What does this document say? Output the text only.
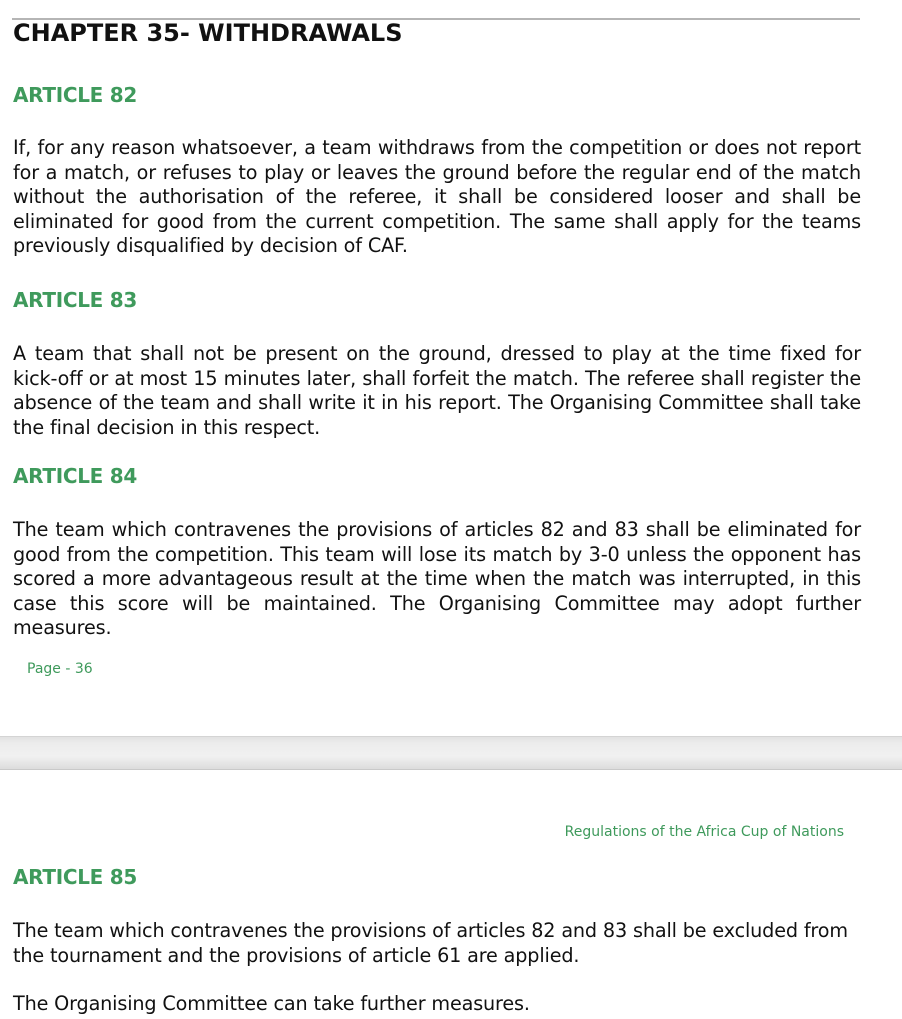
CHAPTER 35- WITHDRAWALS
ARTICLE 82

If, for any reason whatsoever, a team withdraws from the competition or does not report for a match, or refuses to play or leaves the ground before the regular end of the match without the authorisation of the referee, it shall be considered looser and shall be eliminated for good from the current competition. The same shall apply for the teams previously disqualified by decision of CAF.

ARTICLE 83

A team that shall not be present on the ground, dressed to play at the time fixed for kick-off or at most 15 minutes later, shall forfeit the match. The referee shall register the absence of the team and shall write it in his report. The Organising Committee shall take the final decision in this respect.

ARTICLE 84

The team which contravenes the provisions of articles 82 and 83 shall be eliminated for good from the competition. This team will lose its match by 3-0 unless the opponent has scored a more advantageous result at the time when the match was interrupted, in this case this score will be maintained. The Organising Committee may adopt further measures.

Page - 36

Regulations of the Africa Cup of Nations

ARTICLE 85

The team which contravenes the provisions of articles 82 and 83 shall be excluded from the tournament and the provisions of article 61 are applied.

The Organising Committee can take further measures.
